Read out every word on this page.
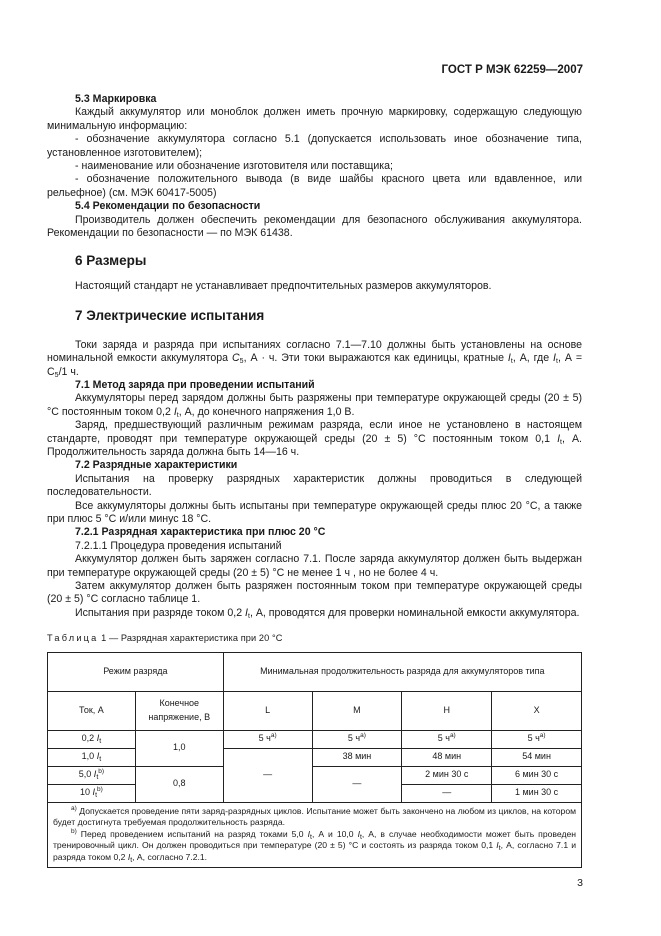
ГОСТ Р МЭК 62259—2007

5.3 Маркировка

Каждый аккумулятор или моноблок должен иметь прочную маркировку, содержащую следующую минимальную информацию:

- обозначение аккумулятора согласно 5.1 (допускается использовать иное обозначение типа, установленное изготовителем);

- наименование или обозначение изготовителя или поставщика;

- обозначение положительного вывода (в виде шайбы красного цвета или вдавленное, или рельефное) (см. МЭК 60417-5005)

5.4 Рекомендации по безопасности

Производитель должен обеспечить рекомендации для безопасного обслуживания аккумулятора. Рекомендации по безопасности — по МЭК 61438.

6 Размеры

Настоящий стандарт не устанавливает предпочтительных размеров аккумуляторов.

7 Электрические испытания

Токи заряда и разряда при испытаниях согласно 7.1—7.10 должны быть установлены на основе номинальной емкости аккумулятора $C_5$, А · ч. Эти токи выражаются как единицы, кратные $I_t$, А, где $I_t$, $А = C_5/1$ ч.

7.1 Метод заряда при проведении испытаний

Аккумуляторы перед зарядом должны быть разряжены при температуре окружающей среды (20 ± 5) °С постоянным током 0,2 $I_t$, А, до конечного напряжения 1,0 В.

Заряд, предшествующий различным режимам разряда, если иное не установлено в настоящем стандарте, проводят при температуре окружающей среды (20 ± 5) °С постоянным током 0,1 $I_t$, А. Продолжительность заряда должна быть 14—16 ч.

7.2 Разрядные характеристики

Испытания на проверку разрядных характеристик должны проводиться в следующей последовательности.

Все аккумуляторы должны быть испытаны при температуре окружающей среды плюс 20 °С, а также при плюс 5 °С и/или минус 18 °С.

7.2.1 Разрядная характеристика при плюс 20 °С

7.2.1.1 Процедура проведения испытаний

Аккумулятор должен быть заряжен согласно 7.1. После заряда аккумулятор должен быть выдержан при температуре окружающей среды (20 ± 5) °С не менее 1 ч , но не более 4 ч.

Затем аккумулятор должен быть разряжен постоянным током при температуре окружающей среды (20 ± 5) °С согласно таблице 1.

Испытания при разряде током 0,2 $I_t$, А, проводятся для проверки номинальной емкости аккумулятора.

Таблица 1 — Разрядная характеристика при 20 °С

Режим разряда		Минимальная продолжительность разряда для аккумуляторов типа			
Ток, А	Конечное напряжение, В	L	M	H	X
0,2 $I_t$	1,0	5 $ч^{a)}$	5 $ч^{a)}$	5 $ч^{a)}$	5 $ч^{a)}$
1,0 $I_t$		—	38 мин	48 мин	54 мин
5,0 $I_t^{b)}$	0,8		—	2 мин 30 с	6 мин 30 с
10 $I_t^{b)}$				—	1 мин 30 с

$^{a)}$ Допускается проведение пяти заряд-разрядных циклов. Испытание может быть закончено на любом из циклов, на котором будет достигнута требуемая продолжительность разряда.

$^{b)}$ Перед проведением испытаний на разряд токами 5,0 $I_t$, А и 10,0 $I_t$, А, в случае необходимости может быть проведен тренировочный цикл. Он должен проводиться при температуре (20 ± 5) °С и состоять из разряда током 0,1 $I_t$, А, согласно 7.1 и разряда током 0,2 $I_t$, А, согласно 7.2.1.					

3
